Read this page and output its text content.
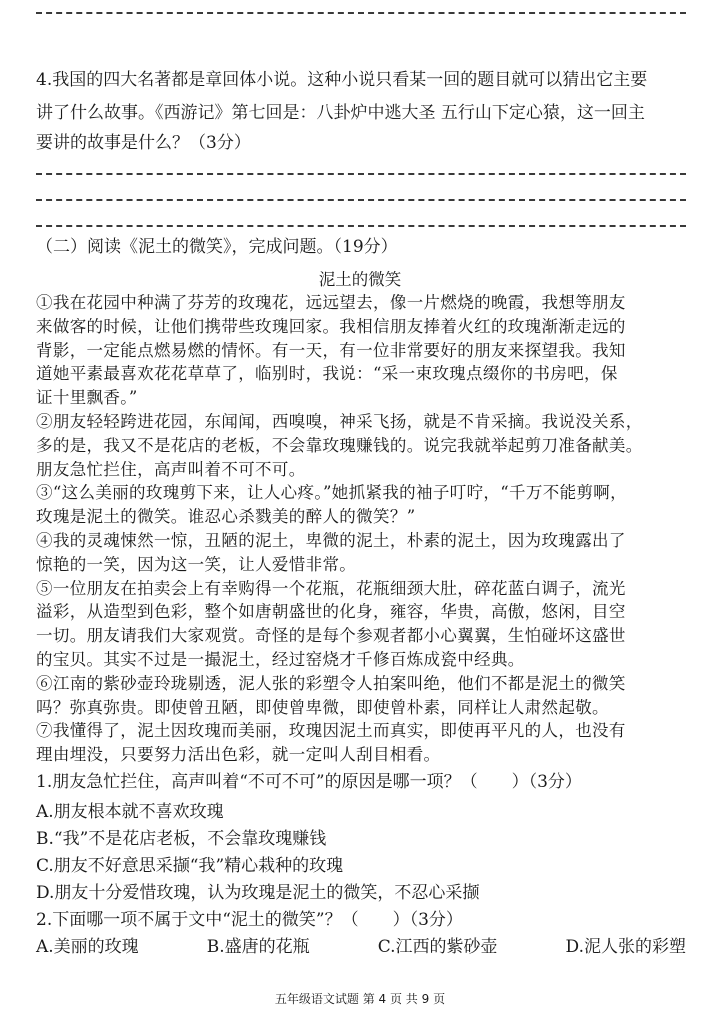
4.我国的四大名著都是章回体小说。这种小说只看某一回的题目就可以猜出它主要
讲了什么故事。《西游记》第七回是：八卦炉中逃大圣 五行山下定心猿，这一回主
要讲的故事是什么？（3分）
（二）阅读《泥土的微笑》，完成问题。（19分）
泥土的微笑
①我在花园中种满了芬芳的玫瑰花，远远望去，像一片燃烧的晚霞，我想等朋友
来做客的时候，让他们携带些玫瑰回家。我相信朋友捧着火红的玫瑰渐渐走远的
背影，一定能点燃易燃的情怀。有一天，有一位非常要好的朋友来探望我。我知
道她平素最喜欢花花草草了，临别时，我说：“采一束玫瑰点缀你的书房吧，保
证十里飘香。”
②朋友轻轻跨进花园，东闻闻，西嗅嗅，神采飞扬，就是不肯采摘。我说没关系，
多的是，我又不是花店的老板，不会靠玫瑰赚钱的。说完我就举起剪刀准备献美。
朋友急忙拦住，高声叫着不可不可。
③“这么美丽的玫瑰剪下来，让人心疼。”她抓紧我的袖子叮咛，“千万不能剪啊，
玫瑰是泥土的微笑。谁忍心杀戮美的醉人的微笑？”
④我的灵魂悚然一惊，丑陋的泥土，卑微的泥土，朴素的泥土，因为玫瑰露出了
惊艳的一笑，因为这一笑，让人爱惜非常。
⑤一位朋友在拍卖会上有幸购得一个花瓶，花瓶细颈大肚，碎花蓝白调子，流光
溢彩，从造型到色彩，整个如唐朝盛世的化身，雍容，华贵，高傲，悠闲，目空
一切。朋友请我们大家观赏。奇怪的是每个参观者都小心翼翼，生怕碰坏这盛世
的宝贝。其实不过是一撮泥土，经过窑烧才千修百炼成瓷中经典。
⑥江南的紫砂壶玲珑剔透，泥人张的彩塑令人拍案叫绝，他们不都是泥土的微笑
吗？弥真弥贵。即使曾丑陋，即使曾卑微，即使曾朴素，同样让人肃然起敬。
⑦我懂得了，泥土因玫瑰而美丽，玫瑰因泥土而真实，即使再平凡的人，也没有
理由埋没，只要努力活出色彩，就一定叫人刮目相看。
1.朋友急忙拦住，高声叫着“不可不可”的原因是哪一项？（　　）（3分）
A.朋友根本就不喜欢玫瑰
B.“我”不是花店老板，不会靠玫瑰赚钱
C.朋友不好意思采撷“我”精心栽种的玫瑰
D.朋友十分爱惜玫瑰，认为玫瑰是泥土的微笑，不忍心采撷
五年级语文试题 第 4 页 共 9 页
2.下面哪一项不属于文中“泥土的微笑”？（　　）（3分）
A.美丽的玫瑰	B.盛唐的花瓶	C.江西的紫砂壶	D.泥人张的彩塑
